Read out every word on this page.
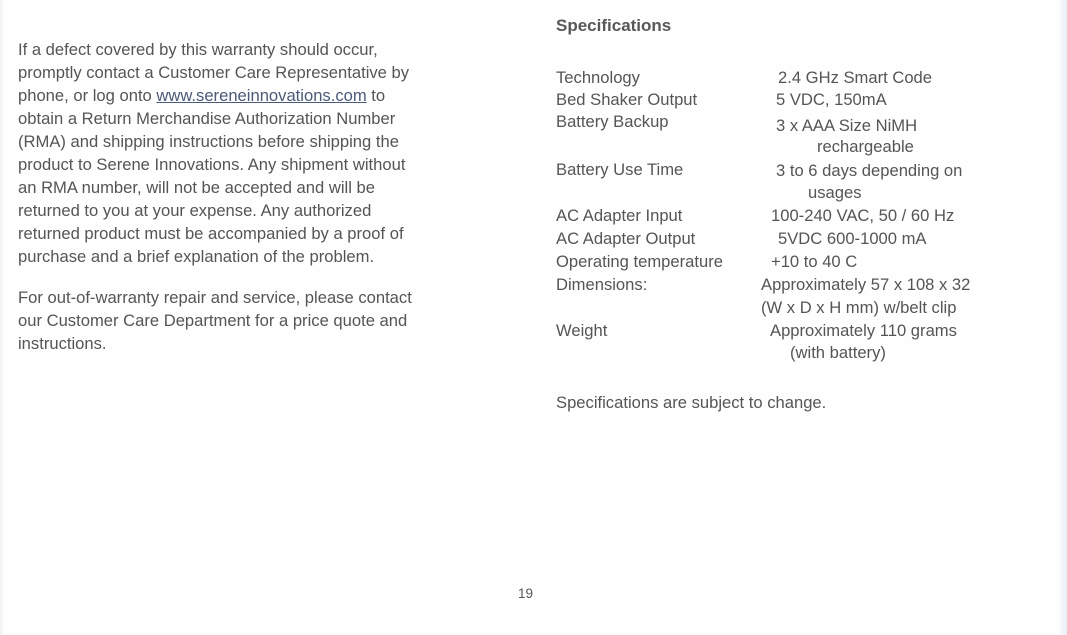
If a defect covered by this warranty should occur,
promptly contact a Customer Care Representative by
phone, or log onto www.sereneinnovations.com to
obtain a Return Merchandise Authorization Number
(RMA) and shipping instructions before shipping the
product to Serene Innovations. Any shipment without
an RMA number, will not be accepted and will be
returned to you at your expense. Any authorized
returned product must be accompanied by a proof of
purchase and a brief explanation of the problem.
For out-of-warranty repair and service, please contact
our Customer Care Department for a price quote and
instructions.
Specifications
Technology	2.4 GHz Smart Code
Bed Shaker Output	5 VDC, 150mA
Battery Backup	3 x AAA Size NiMH
rechargeable
Battery Use Time	3 to 6 days depending on
usages
AC Adapter Input	100-240 VAC, 50 / 60 Hz
AC Adapter Output	5VDC 600-1000 mA
Operating temperature	+10 to 40 C
Dimensions:	Approximately 57 x 108 x 32
(W x D x H mm) w/belt clip
Weight	Approximately 110 grams
(with battery)
Specifications are subject to change.
19
